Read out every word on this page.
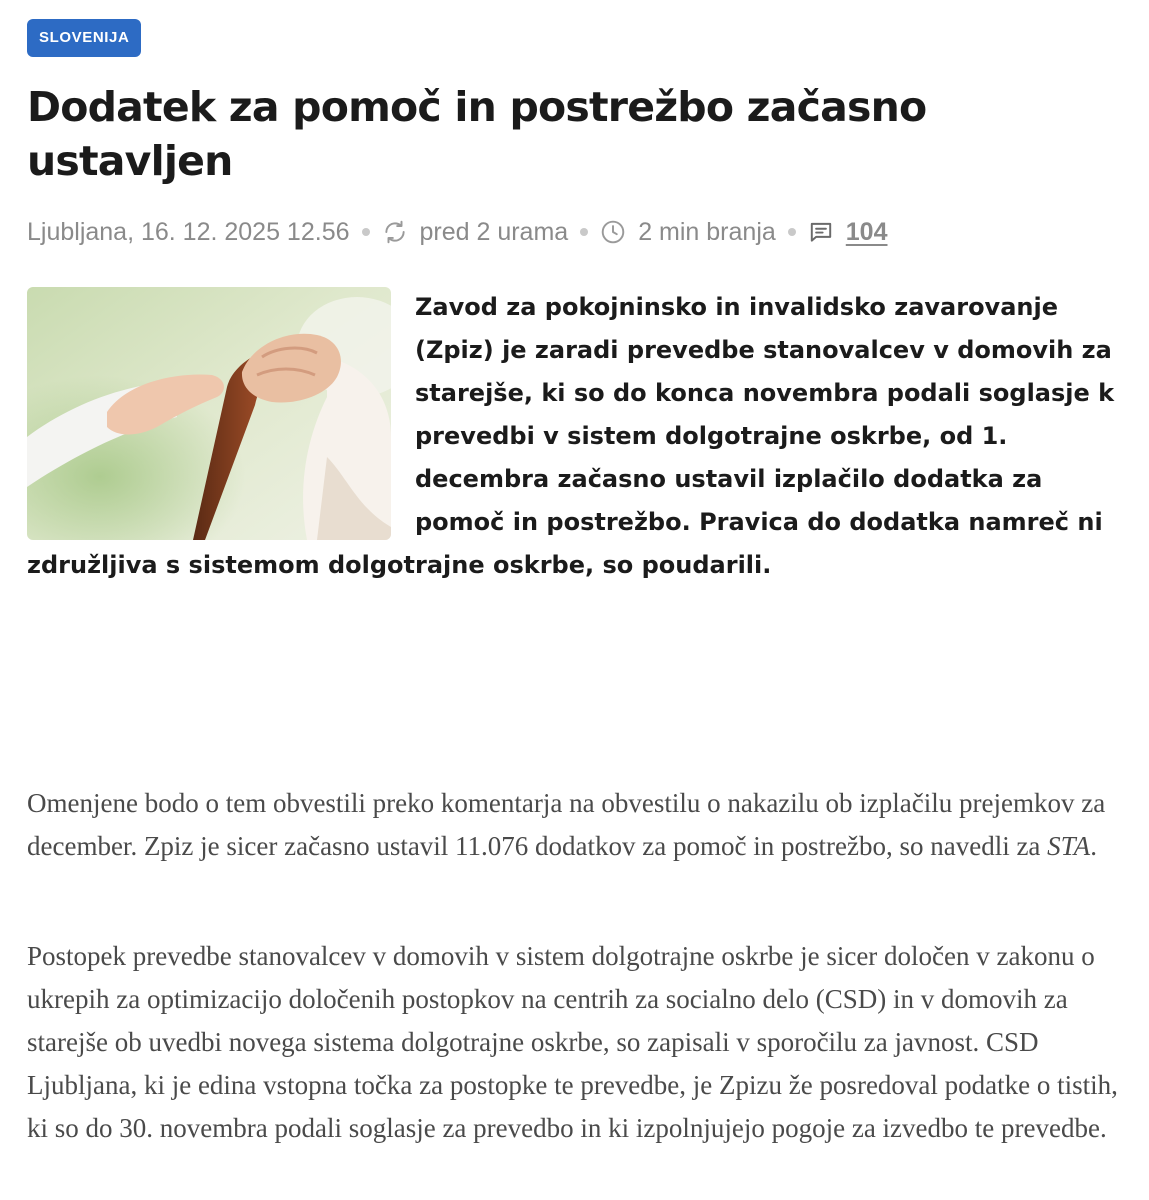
SLOVENIJA
Dodatek za pomoč in postrežbo začasno ustavljen
Ljubljana, 16. 12. 2025 12.56	pred 2 urama	2 min branja	104

Zavod za pokojninsko in invalidsko zavarovanje (Zpiz) je zaradi prevedbe stanovalcev v domovih za starejše, ki so do konca novembra podali soglasje k prevedbi v sistem dolgotrajne oskrbe, od 1. decembra začasno ustavil izplačilo dodatka za pomoč in postrežbo. Pravica do dodatka namreč ni združljiva s sistemom dolgotrajne oskrbe, so poudarili.

Omenjene bodo o tem obvestili preko komentarja na obvestilu o nakazilu ob izplačilu prejemkov za december. Zpiz je sicer začasno ustavil 11.076 dodatkov za pomoč in postrežbo, so navedli za STA.

Postopek prevedbe stanovalcev v domovih v sistem dolgotrajne oskrbe je sicer določen v zakonu o ukrepih za optimizacijo določenih postopkov na centrih za socialno delo (CSD) in v domovih za starejše ob uvedbi novega sistema dolgotrajne oskrbe, so zapisali v sporočilu za javnost. CSD Ljubljana, ki je edina vstopna točka za postopke te prevedbe, je Zpizu že posredoval podatke o tistih, ki so do 30. novembra podali soglasje za prevedbo in ki izpolnjujejo pogoje za izvedbo te prevedbe.
